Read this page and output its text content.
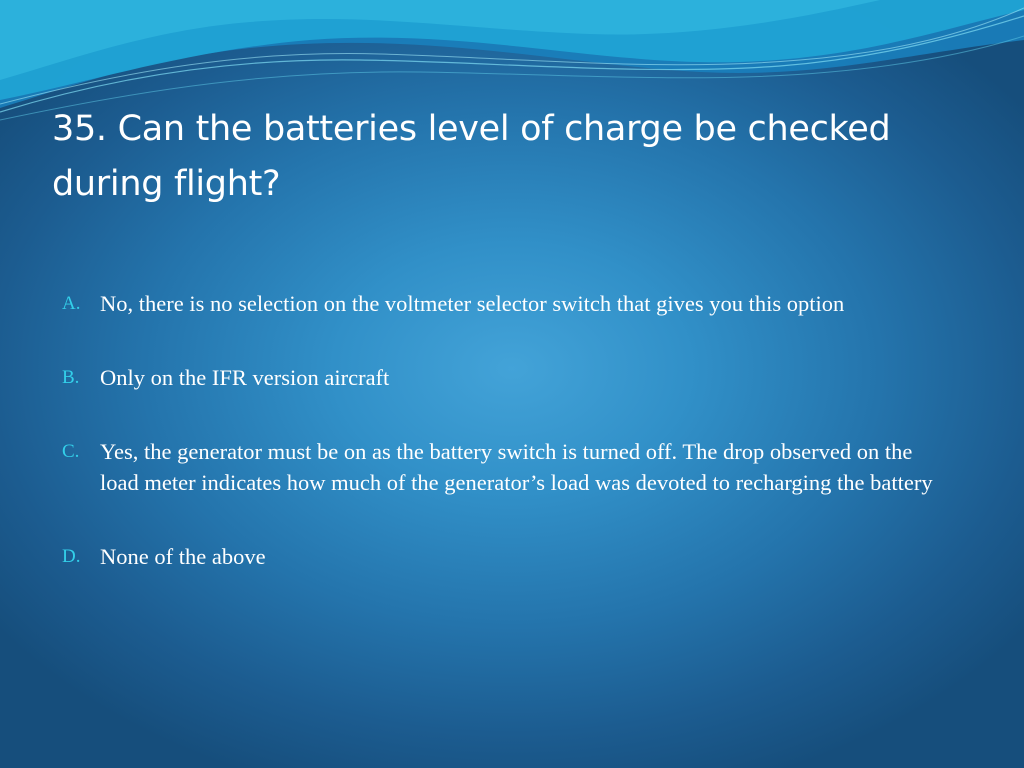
35. Can the batteries level of charge be checked during flight?
A. No, there is no selection on the voltmeter selector switch that gives you this option
B. Only on the IFR version aircraft
C. Yes, the generator must be on as the battery switch is turned off. The drop observed on the load meter indicates how much of the generator’s load was devoted to recharging the battery
D. None of the above
